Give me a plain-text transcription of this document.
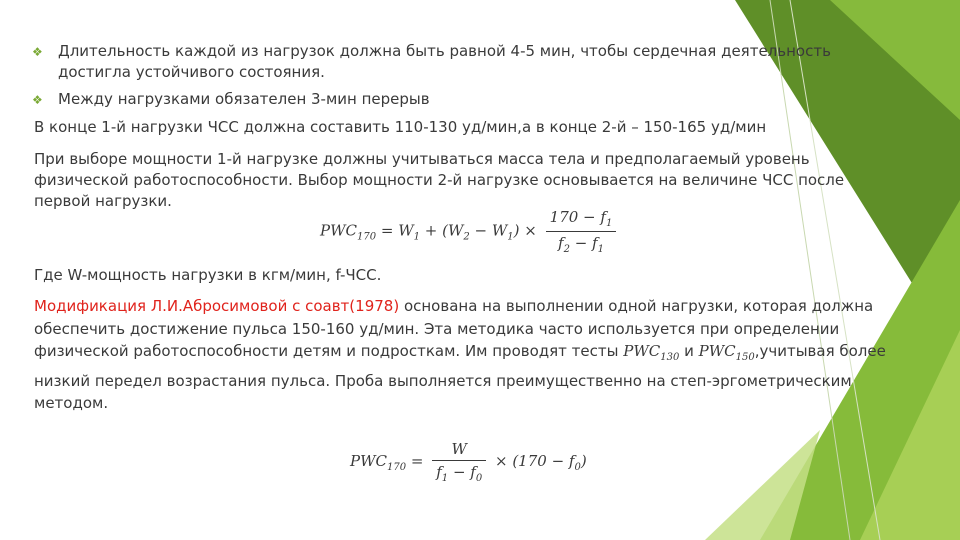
❖	Длительность каждой из нагрузок должна быть равной 4-5 мин, чтобы сердечная деятельность достигла устойчивого состояния.
❖	Между нагрузками обязателен 3-мин перерыв
В конце 1-й нагрузки ЧСС должна составить 110-130 уд/мин,а в конце 2-й – 150-165 уд/мин
При выборе мощности 1-й нагрузке должны учитываться масса тела и предполагаемый уровень физической работоспособности. Выбор мощности 2-й нагрузке основывается на величине ЧСС после первой нагрузки.
$PWC_{170} = W_1 + (W_2 - W_1) \times \frac{170 - f_1}{f_2 - f_1}$
Где W-мощность нагрузки в кгм/мин, f-ЧСС.
Модификация Л.И.Абросимовой с соавт(1978) основана на выполнении одной нагрузки, которая должна обеспечить достижение пульса 150-160 уд/мин. Эта методика часто используется при определении физической работоспособности детям и подросткам. Им проводят тесты $PWC_{130}$ и $PWC_{150},учитывая$ более низкий передел возрастания пульса. Проба выполняется преимущественно на степ-эргометрическим методом.
$PWC_{170} = \frac{W}{f_1 - f_0} \times (170 - f_0)$
